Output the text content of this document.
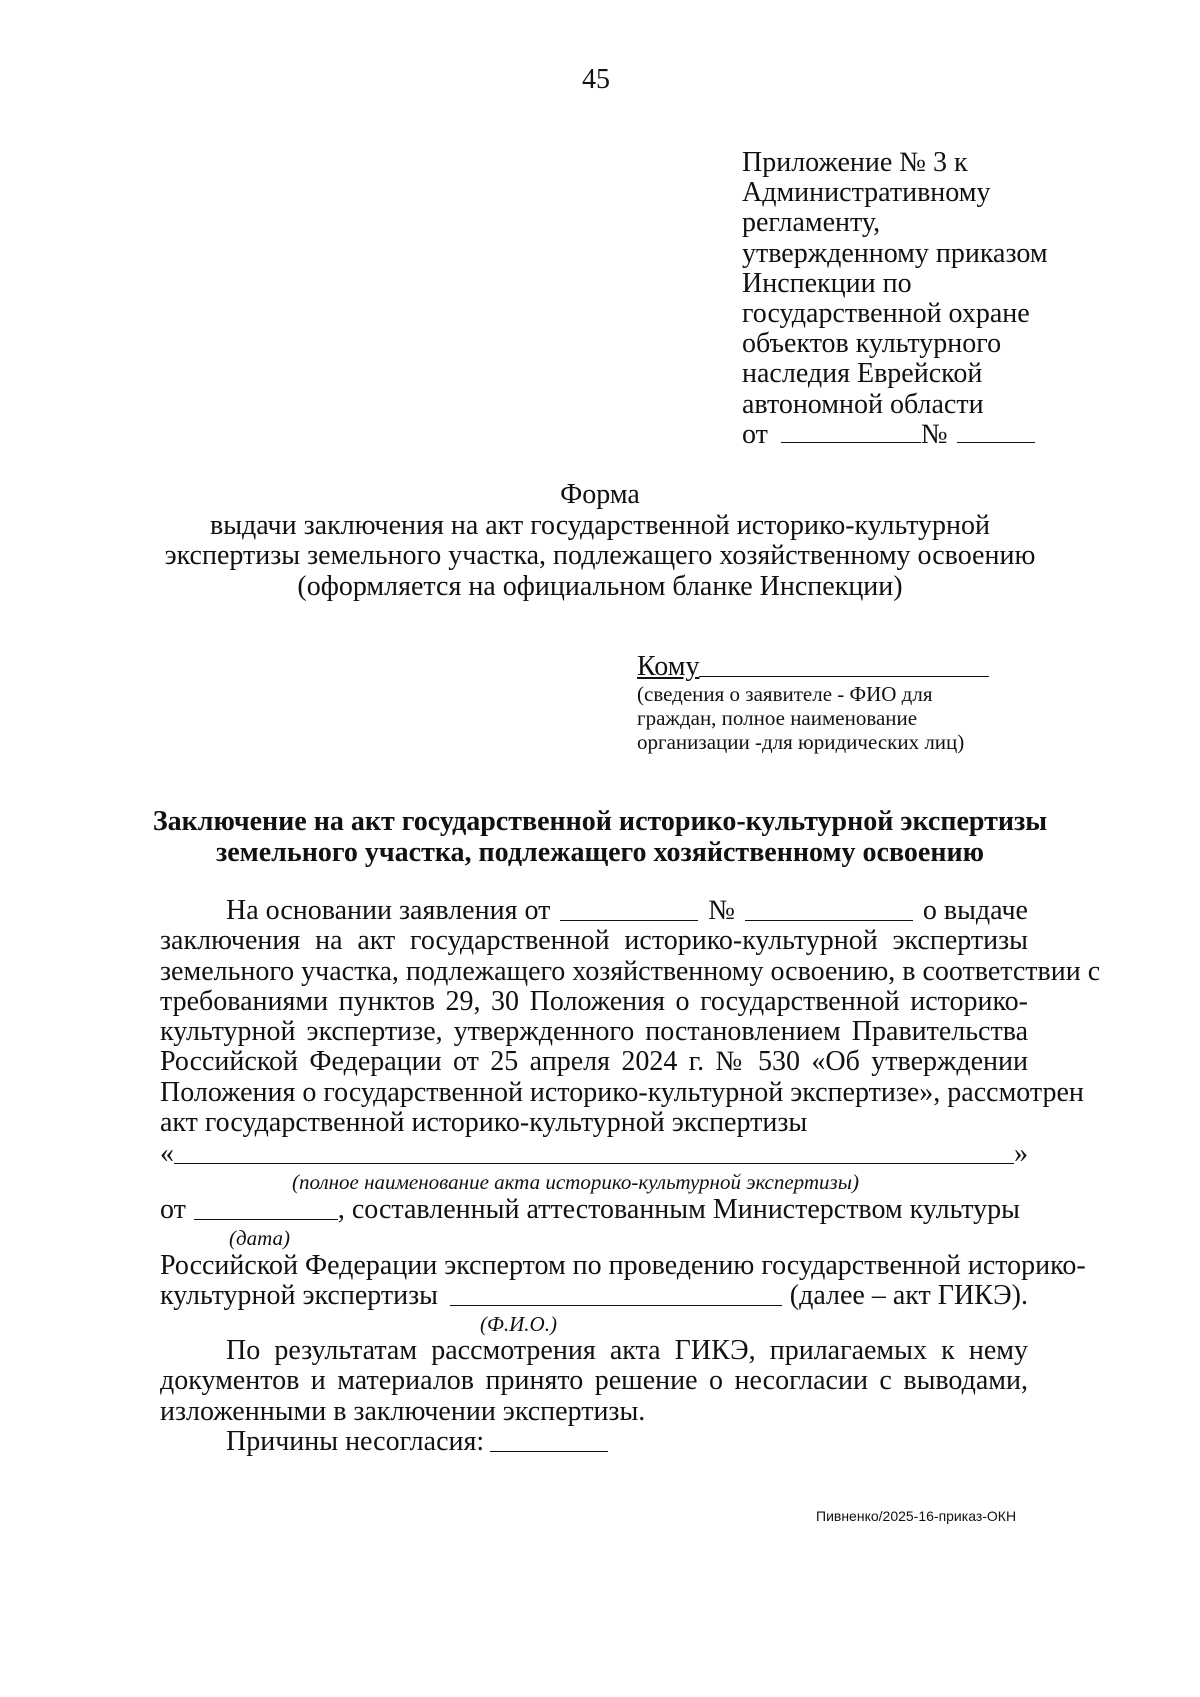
45
Приложение № 3 к
Административному
регламенту,
утвержденному приказом
Инспекции по
государственной охране
объектов культурного
наследия Еврейской
автономной области
от	№
Форма
выдачи заключения на акт государственной историко-культурной
экспертизы земельного участка, подлежащего хозяйственному освоению
(оформляется на официальном бланке Инспекции)
Кому
(сведения о заявителе - ФИО для
граждан, полное наименование
организации -для юридических лиц)
Заключение на акт государственной историко-культурной экспертизы
земельного участка, подлежащего хозяйственному освоению
На основании заявления от	№	о выдаче
заключения на акт государственной историко-культурной экспертизы
земельного участка, подлежащего хозяйственному освоению, в соответствии с
требованиями пунктов 29, 30 Положения о государственной историко-
культурной экспертизе, утвержденного постановлением Правительства
Российской Федерации от 25 апреля 2024 г. № 530 «Об утверждении
Положения о государственной историко-культурной экспертизе», рассмотрен
акт государственной историко-культурной экспертизы
«	»
(полное наименование акта историко-культурной экспертизы)
от	, составленный аттестованным Министерством культуры
(дата)
Российской Федерации экспертом по проведению государственной историко-
культурной экспертизы	(далее – акт ГИКЭ).
(Ф.И.О.)
По результатам рассмотрения акта ГИКЭ, прилагаемых к нему
документов и материалов принято решение о несогласии с выводами,
изложенными в заключении экспертизы.
Причины несогласия:
Пивненко/2025-16-приказ-ОКН
